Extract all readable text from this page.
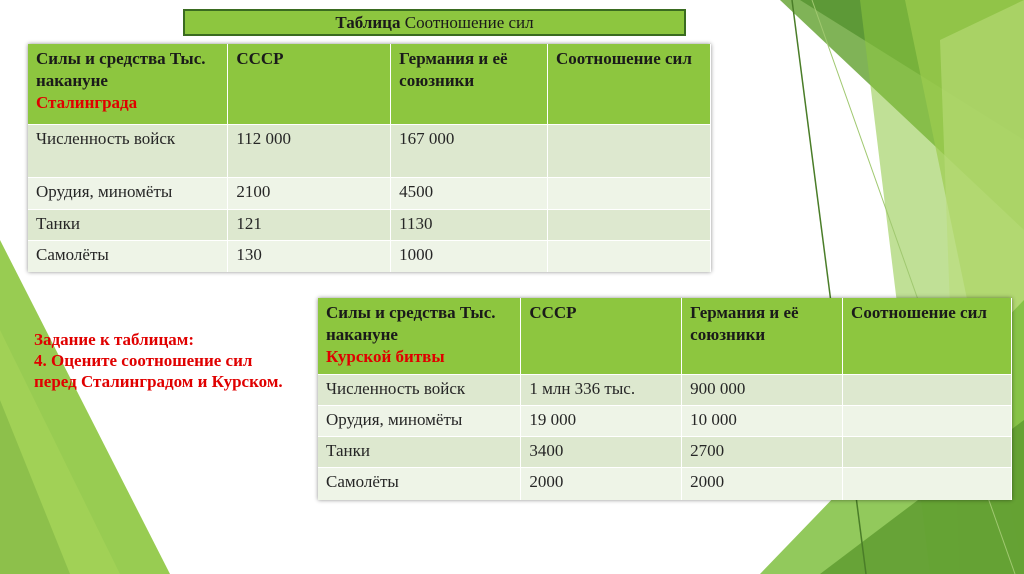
Таблица Соотношение сил
Силы и средства Тыс. накануне
Сталинграда	СССР	Германия и её союзники	Соотношение сил
Численность войск	112 000	167 000	
Орудия, миномёты	2100	4500	
Танки	121	1130	
Самолёты	130	1000	
Задание к таблицам:
4. Оцените соотношение сил перед Сталинградом и Курском.
Силы и средства Тыс. накануне
Курской битвы	СССР	Германия и её союзники	Соотношение сил
Численность войск	1 млн 336 тыс.	900 000	
Орудия, миномёты	19 000	10 000	
Танки	3400	2700	
Самолёты	2000	2000	
